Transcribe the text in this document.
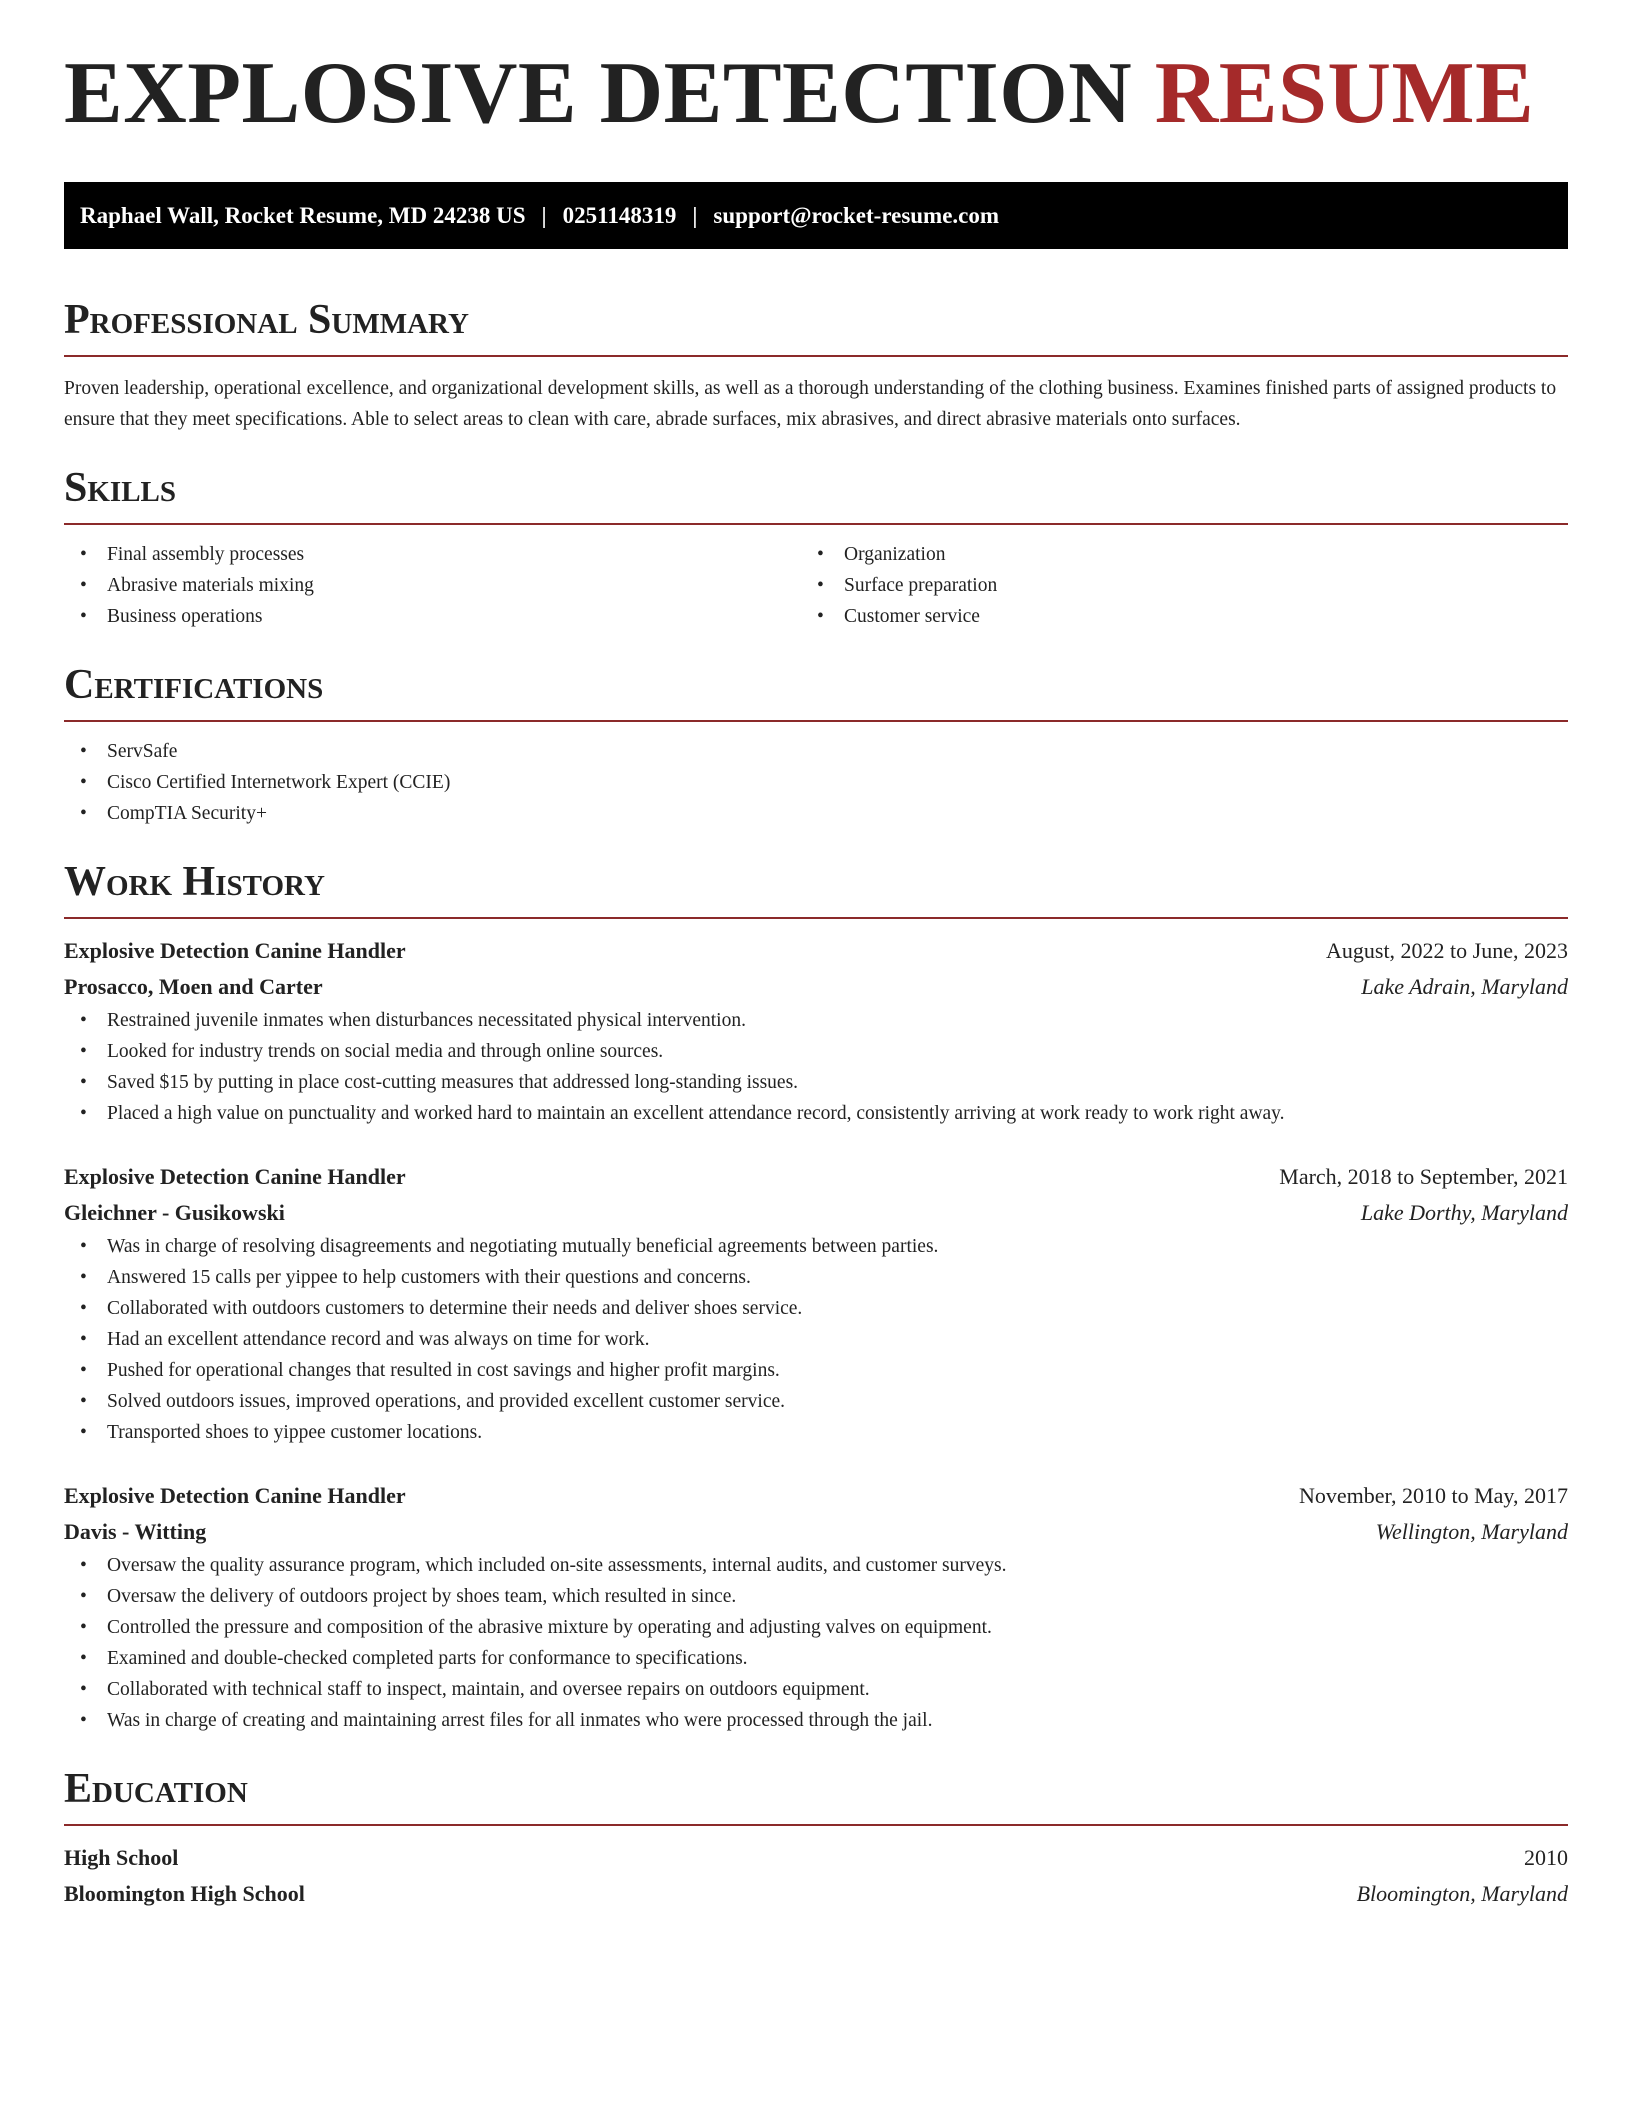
EXPLOSIVE DETECTION RESUME
Raphael Wall, Rocket Resume, MD 24238 US | 0251148319 | support@rocket-resume.com
Professional Summary

Proven leadership, operational excellence, and organizational development skills, as well as a thorough understanding of the clothing business. Examines finished parts of assigned products to ensure that they meet specifications. Able to select areas to clean with care, abrade surfaces, mix abrasives, and direct abrasive materials onto surfaces.

Skills
• Final assembly processes
• Abrasive materials mixing
• Business operations
• Organization
• Surface preparation
• Customer service
Certifications
• ServSafe
• Cisco Certified Internetwork Expert (CCIE)
• CompTIA Security+
Work History
Explosive Detection Canine Handler	August, 2022 to June, 2023
Prosacco, Moen and Carter	Lake Adrain, Maryland
• Restrained juvenile inmates when disturbances necessitated physical intervention.
• Looked for industry trends on social media and through online sources.
• Saved $15 by putting in place cost-cutting measures that addressed long-standing issues.
• Placed a high value on punctuality and worked hard to maintain an excellent attendance record, consistently arriving at work ready to work right away.
Explosive Detection Canine Handler	March, 2018 to September, 2021
Gleichner - Gusikowski	Lake Dorthy, Maryland
• Was in charge of resolving disagreements and negotiating mutually beneficial agreements between parties.
• Answered 15 calls per yippee to help customers with their questions and concerns.
• Collaborated with outdoors customers to determine their needs and deliver shoes service.
• Had an excellent attendance record and was always on time for work.
• Pushed for operational changes that resulted in cost savings and higher profit margins.
• Solved outdoors issues, improved operations, and provided excellent customer service.
• Transported shoes to yippee customer locations.
Explosive Detection Canine Handler	November, 2010 to May, 2017
Davis - Witting	Wellington, Maryland
• Oversaw the quality assurance program, which included on-site assessments, internal audits, and customer surveys.
• Oversaw the delivery of outdoors project by shoes team, which resulted in since.
• Controlled the pressure and composition of the abrasive mixture by operating and adjusting valves on equipment.
• Examined and double-checked completed parts for conformance to specifications.
• Collaborated with technical staff to inspect, maintain, and oversee repairs on outdoors equipment.
• Was in charge of creating and maintaining arrest files for all inmates who were processed through the jail.
Education
High School	2010
Bloomington High School	Bloomington, Maryland
